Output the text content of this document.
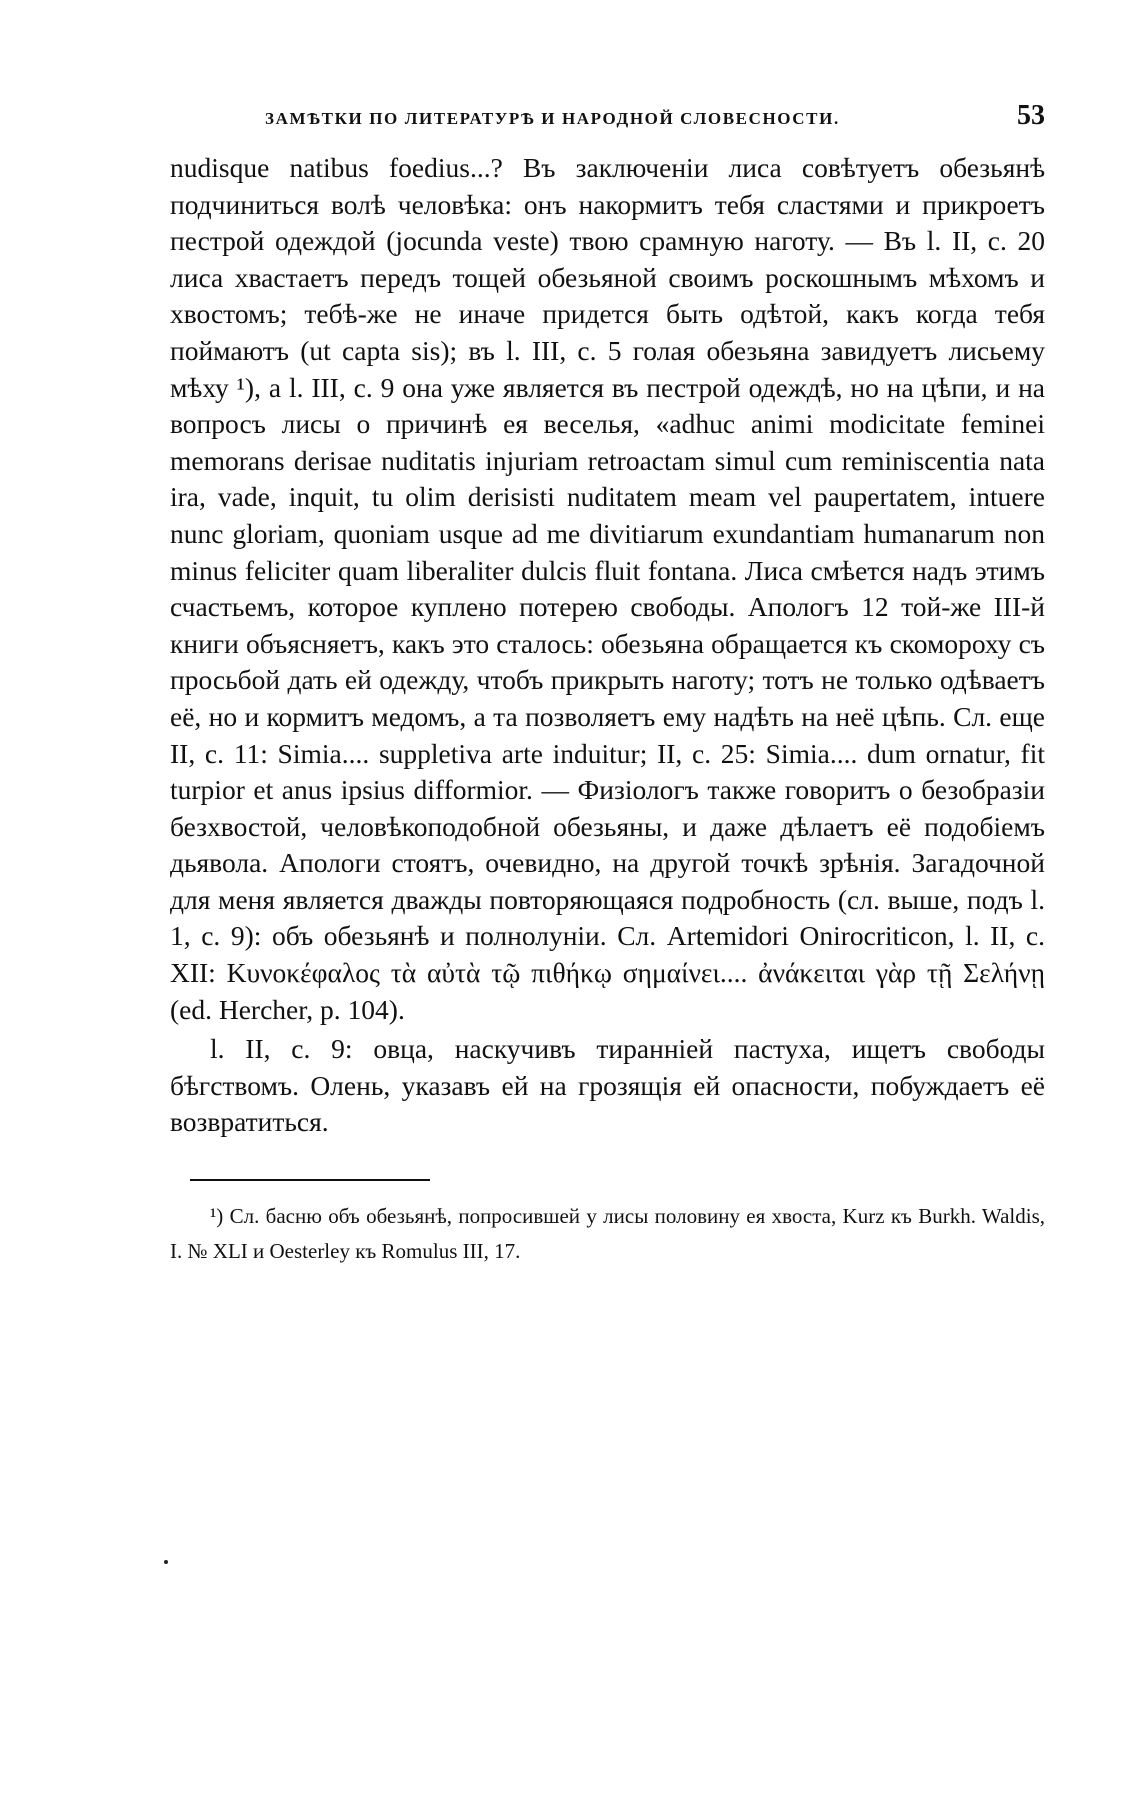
ЗАМѢТКИ ПО ЛИТЕРАТУРѢ И НАРОДНОЙ СЛОВЕСНОСТИ.	53

nudisque natibus foedius...? Въ заключеніи лиса совѣтуетъ обезьянѣ подчиниться волѣ человѣка: онъ накормитъ тебя сластями и прикроетъ пестрой одеждой (jocunda veste) твою срамную наготу. — Въ l. II, c. 20 лиса хвастаетъ передъ тощей обезьяной своимъ роскошнымъ мѣхомъ и хвостомъ; тебѣ-же не иначе придется быть одѣтой, какъ когда тебя поймаютъ (ut capta sis); въ l. III, c. 5 голая обезьяна завидуетъ лисьему мѣху ¹), а l. III, c. 9 она уже является въ пестрой одеждѣ, но на цѣпи, и на вопросъ лисы о причинѣ ея веселья, «adhuc animi modicitate feminei memorans derisae nuditatis injuriam retroactam simul cum reminiscentia nata ira, vade, inquit, tu olim derisisti nuditatem meam vel paupertatem, intuere nunc gloriam, quoniam usque ad me divitiarum exundantiam humanarum non minus feliciter quam liberaliter dulcis fluit fontana. Лиса смѣется надъ этимъ счастьемъ, которое куплено потерею свободы. Апологъ 12 той-же III-й книги объясняетъ, какъ это сталось: обезьяна обращается къ скомороху съ просьбой дать ей одежду, чтобъ прикрыть наготу; тотъ не только одѣваетъ её, но и кормитъ медомъ, а та позволяетъ ему надѣть на неё цѣпь. Сл. еще II, c. 11: Simia.... suppletiva arte induitur; II, c. 25: Simia.... dum ornatur, fit turpior et anus ipsius difformior. — Физіологъ также говоритъ о безобразіи безхвостой, человѣкоподобной обезьяны, и даже дѣлаетъ её подобіемъ дьявола. Апологи стоятъ, очевидно, на другой точкѣ зрѣнія. Загадочной для меня является дважды повторяющаяся подробность (сл. выше, подъ l. 1, c. 9): объ обезьянѣ и полнолуніи. Сл. Artemidori Onirocriticon, l. II, c. XII: Κυνοκέφαλος τὰ αὐτὰ τῷ πιθήκῳ σημαίνει.... ἀνάκειται γὰρ τῇ Σελήνῃ (ed. Hercher, p. 104).

l. II, c. 9: овца, наскучивъ тиранніей пастуха, ищетъ свободы бѣгствомъ. Олень, указавъ ей на грозящія ей опасности, побуждаетъ её возвратиться.

¹) Сл. басню объ обезьянѣ, попросившей у лисы половину ея хвоста, Kurz къ Burkh. Waldis, I. № XLI и Oesterley къ Romulus III, 17.
